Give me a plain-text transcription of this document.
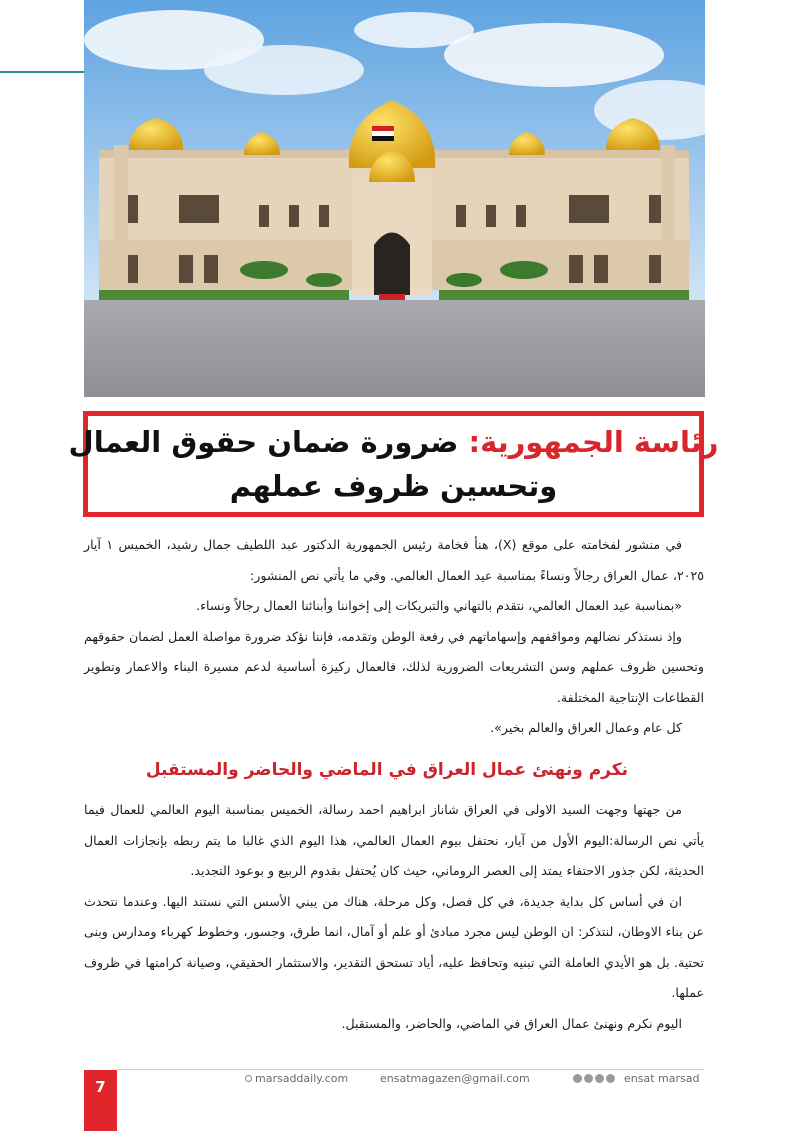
رئاسة الجمهورية: ضرورة ضمان حقوق العمال
وتحسين ظروف عملهم

في منشور لفخامته على موقع (X)، هنأ فخامة رئيس الجمهورية الدكتور عبد اللطيف جمال رشيد، الخميس ١ آيار ٢٠٢٥، عمال العراق رجالاً ونساءً بمناسبة عيد العمال العالمي. وفي ما يأتي نص المنشور:

«بمناسبة عيد العمال العالمي، نتقدم بالتهاني والتبريكات إلى إخواننا وأبنائنا العمال رجالاً ونساء.

وإذ نستذكر نضالهم ومواقفهم وإسهاماتهم في رفعة الوطن وتقدمه، فإننا نؤكد ضرورة مواصلة العمل لضمان حقوقهم وتحسين ظروف عملهم وسن التشريعات الضرورية لذلك، فالعمال ركيزة أساسية لدعم مسيرة البناء والاعمار وتطوير القطاعات الإنتاجية المختلفة.

كل عام وعمال العراق والعالم بخير».

نكرم ونهنئ عمال العراق في الماضي والحاضر والمستقبل

من جهتها وجهت السيد الاولى في العراق شاناز ابراهيم احمد رسالة، الخميس بمناسبة اليوم العالمي للعمال فيما يأتي نص الرسالة:اليوم الأول من آيار، نحتفل بيوم العمال العالمي، هذا اليوم الذي غالبا ما يتم ربطه بإنجازات العمال الحديثة، لكن جذور الاحتفاء يمتد إلى العصر الروماني، حيث كان يُحتفل بقدوم الربيع و بوعود التجديد.

ان في أساس كل بداية جديدة، في كل فصل، وكل مرحلة، هناك من يبني الأسس التي نستند اليها. وعندما نتحدث عن بناء الاوطان، لنتذكر: ان الوطن ليس مجرد مبادئ أو علم أو آمال، انما طرق، وجسور، وخطوط كهرباء ومدارس وبنى تحتية. بل هو الأيدي العاملة التي تبنيه وتحافظ عليه، أياد تستحق التقدير، والاستثمار الحقيقي، وصيانة كرامتها في ظروف عملها.

اليوم نكرم ونهنئ عمال العراق في الماضي، والحاضر، والمستقبل.

7	marsaddaily.com	ensatmagazen@gmail.com	ensat marsad
